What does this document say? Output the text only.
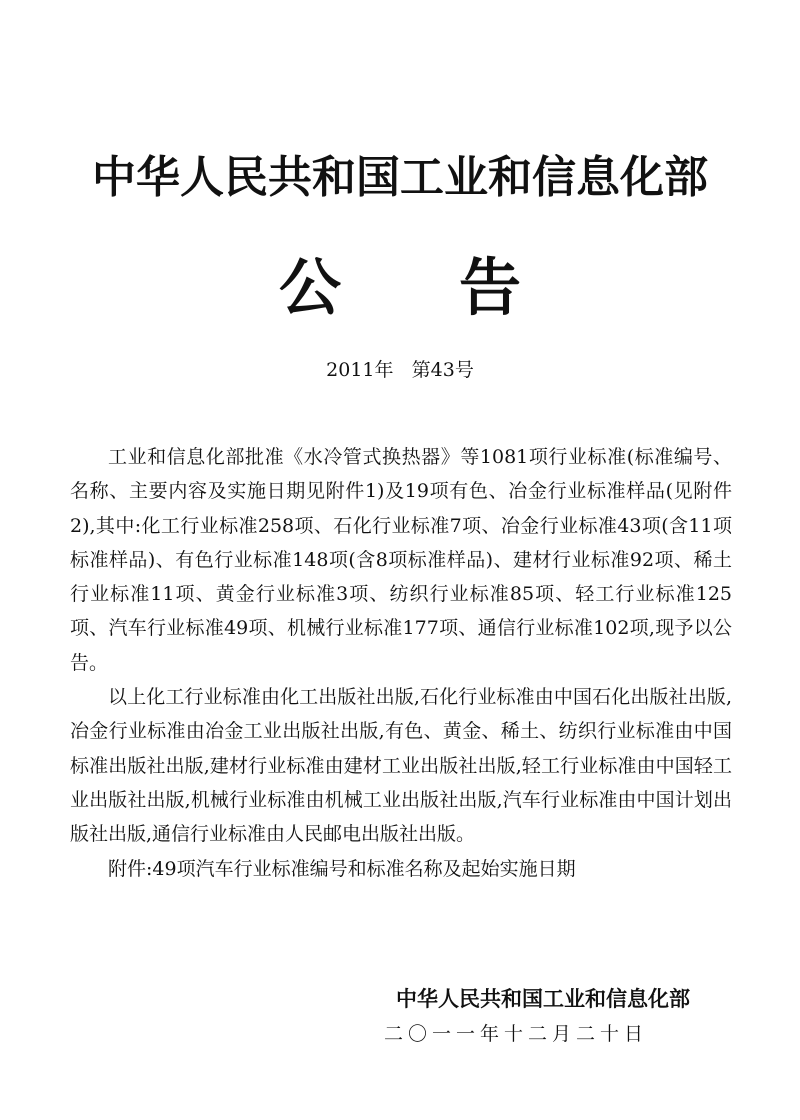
中华人民共和国工业和信息化部
公告
2011年   第43号

工业和信息化部批准《水冷管式换热器》等1081项行业标准(标准编号、名称、主要内容及实施日期见附件1)及19项有色、冶金行业标准样品(见附件2),其中:化工行业标准258项、石化行业标准7项、冶金行业标准43项(含11项标准样品)、有色行业标准148项(含8项标准样品)、建材行业标准92项、稀土行业标准11项、黄金行业标准3项、纺织行业标准85项、轻工行业标准125项、汽车行业标准49项、机械行业标准177项、通信行业标准102项,现予以公告。

以上化工行业标准由化工出版社出版,石化行业标准由中国石化出版社出版,冶金行业标准由冶金工业出版社出版,有色、黄金、稀土、纺织行业标准由中国标准出版社出版,建材行业标准由建材工业出版社出版,轻工行业标准由中国轻工业出版社出版,机械行业标准由机械工业出版社出版,汽车行业标准由中国计划出版社出版,通信行业标准由人民邮电出版社出版。

附件:49项汽车行业标准编号和标准名称及起始实施日期

中华人民共和国工业和信息化部
二〇一一年十二月二十日
